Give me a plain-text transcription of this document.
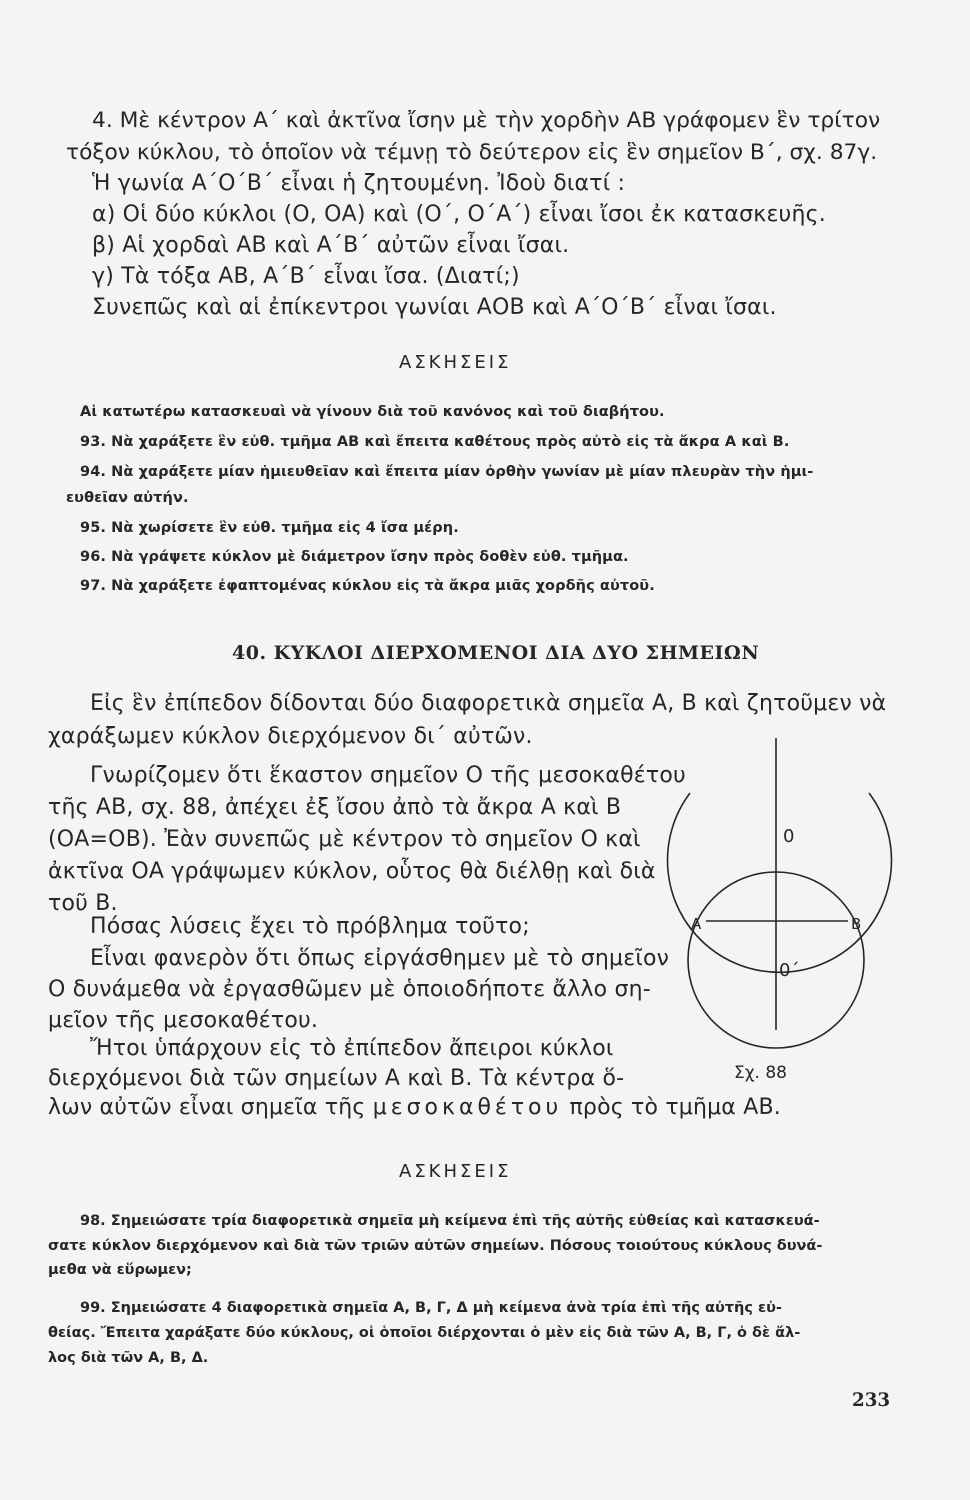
4. Μὲ κέντρον Α΄ καὶ ἀκτῖνα ἴσην μὲ τὴν χορδὴν ΑΒ γράφομεν ἓν τρίτον
τόξον κύκλου, τὸ ὁποῖον νὰ τέμνῃ τὸ δεύτερον εἰς ἓν σημεῖον Β΄, σχ. 87γ.
Ἡ γωνία Α΄Ο΄Β΄ εἶναι ἡ ζητουμένη. Ἰδοὺ διατί :
α) Οἱ δύο κύκλοι (Ο, ΟΑ) καὶ (Ο΄, Ο΄Α΄) εἶναι ἴσοι ἐκ κατασκευῆς.
β) Αἱ χορδαὶ ΑΒ καὶ Α΄Β΄ αὐτῶν εἶναι ἴσαι.
γ) Τὰ τόξα ΑΒ, Α΄Β΄ εἶναι ἴσα. (Διατί;)
Συνεπῶς καὶ αἱ ἐπίκεντροι γωνίαι ΑΟΒ καὶ Α΄Ο΄Β΄ εἶναι ἴσαι.
ΑΣΚΗΣΕΙΣ
Αἱ κατωτέρω κατασκευαὶ νὰ γίνουν διὰ τοῦ κανόνος καὶ τοῦ διαβήτου.
93. Νὰ χαράξετε ἓν εὐθ. τμῆμα ΑΒ καὶ ἔπειτα καθέτους πρὸς αὐτὸ εἰς τὰ ἄκρα Α καὶ Β.
94. Νὰ χαράξετε μίαν ἡμιευθεῖαν καὶ ἔπειτα μίαν ὀρθὴν γωνίαν μὲ μίαν πλευρὰν τὴν ἡμι-
ευθεῖαν αὐτήν.
95. Νὰ χωρίσετε ἓν εὐθ. τμῆμα εἰς 4 ἴσα μέρη.
96. Νὰ γράψετε κύκλον μὲ διάμετρον ἴσην πρὸς δοθὲν εὐθ. τμῆμα.
97. Νὰ χαράξετε ἐφαπτομένας κύκλου εἰς τὰ ἄκρα μιᾶς χορδῆς αὐτοῦ.
40. ΚΥΚΛΟΙ ΔΙΕΡΧΟΜΕΝΟΙ ΔΙΑ ΔΥΟ ΣΗΜΕΙΩΝ
Εἰς ἓν ἐπίπεδον δίδονται δύο διαφορετικὰ σημεῖα Α, Β καὶ ζητοῦμεν νὰ
χαράξωμεν κύκλον διερχόμενον δι΄ αὐτῶν.
Γνωρίζομεν ὅτι ἕκαστον σημεῖον Ο τῆς μεσοκαθέτου
τῆς ΑΒ, σχ. 88, ἀπέχει ἐξ ἴσου ἀπὸ τὰ ἄκρα Α καὶ Β
(ΟΑ=ΟΒ). Ἐὰν συνεπῶς μὲ κέντρον τὸ σημεῖον Ο καὶ
ἀκτῖνα ΟΑ γράψωμεν κύκλον, οὗτος θὰ διέλθῃ καὶ διὰ
τοῦ Β.
Πόσας λύσεις ἔχει τὸ πρόβλημα τοῦτο;
Εἶναι φανερὸν ὅτι ὅπως εἰργάσθημεν μὲ τὸ σημεῖον
Ο δυνάμεθα νὰ ἐργασθῶμεν μὲ ὁποιοδήποτε ἄλλο ση-
μεῖον τῆς μεσοκαθέτου.
Ἤτοι ὑπάρχουν εἰς τὸ ἐπίπεδον ἄπειροι κύκλοι
διερχόμενοι διὰ τῶν σημείων Α καὶ Β. Τὰ κέντρα ὅ-
λων αὐτῶν εἶναι σημεῖα τῆς μεσοκαθέτου πρὸς τὸ τμῆμα ΑΒ.
0
0΄
A	B
Σχ. 88
ΑΣΚΗΣΕΙΣ
98. Σημειώσατε τρία διαφορετικὰ σημεῖα μὴ κείμενα ἐπὶ τῆς αὐτῆς εὐθείας καὶ κατασκευά-
σατε κύκλον διερχόμενον καὶ διὰ τῶν τριῶν αὐτῶν σημείων. Πόσους τοιούτους κύκλους δυνά-
μεθα νὰ εὕρωμεν;
99. Σημειώσατε 4 διαφορετικὰ σημεῖα Α, Β, Γ, Δ μὴ κείμενα ἀνὰ τρία ἐπὶ τῆς αὐτῆς εὐ-
θείας. Ἔπειτα χαράξατε δύο κύκλους, οἱ ὁποῖοι διέρχονται ὁ μὲν εἰς διὰ τῶν Α, Β, Γ, ὁ δὲ ἄλ-
λος διὰ τῶν Α, Β, Δ.
233
